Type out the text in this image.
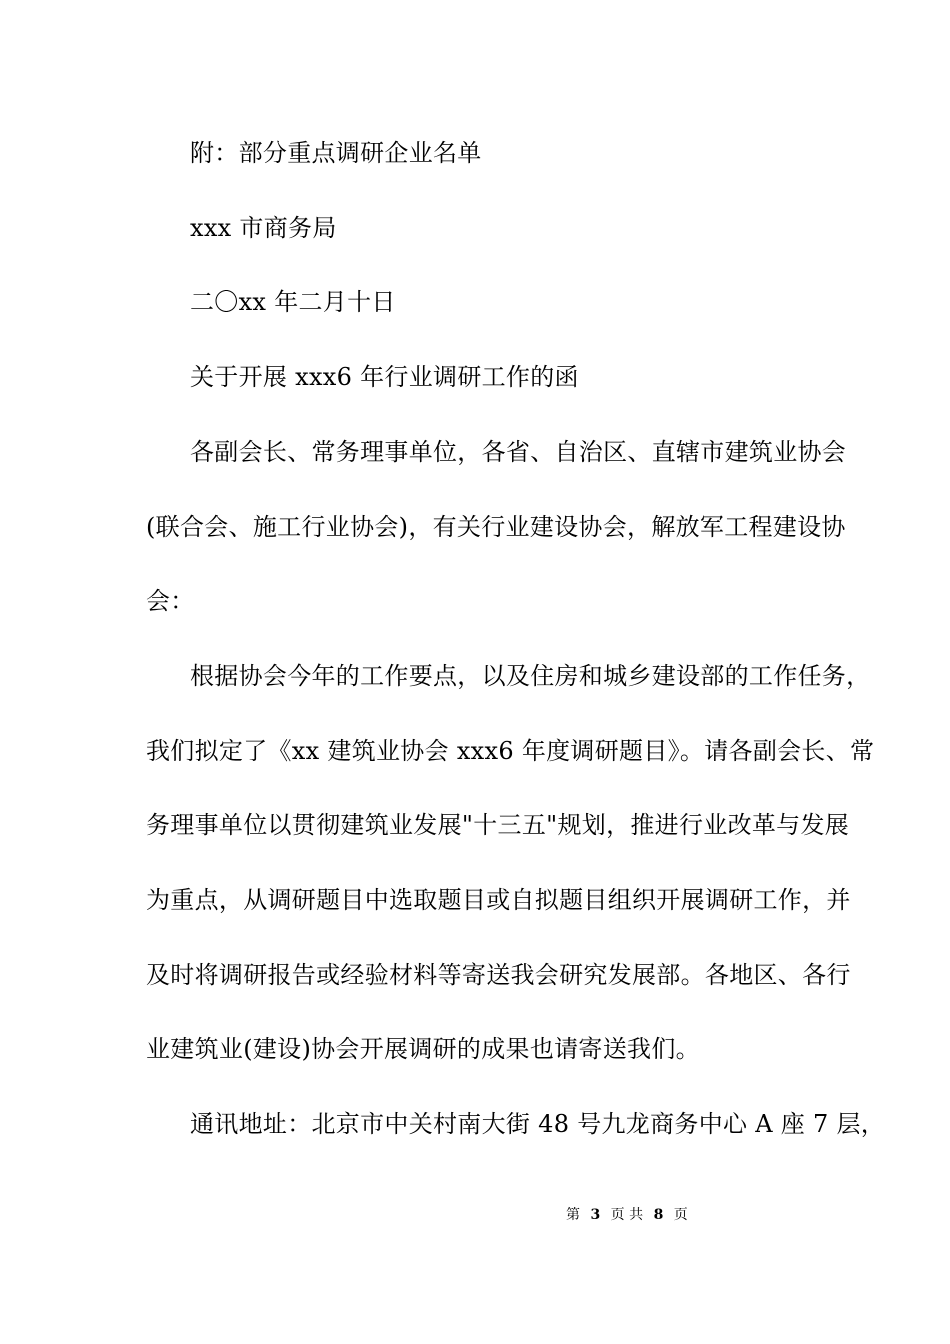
附：部分重点调研企业名单
xxx 市商务局
二〇xx 年二月十日
关于开展 xxx6 年行业调研工作的函
各副会长、常务理事单位，各省、自治区、直辖市建筑业协会
(联合会、施工行业协会)，有关行业建设协会，解放军工程建设协
会：
根据协会今年的工作要点，以及住房和城乡建设部的工作任务，
我们拟定了《xx 建筑业协会 xxx6 年度调研题目》。请各副会长、常
务理事单位以贯彻建筑业发展"十三五"规划，推进行业改革与发展
为重点，从调研题目中选取题目或自拟题目组织开展调研工作，并
及时将调研报告或经验材料等寄送我会研究发展部。各地区、各行
业建筑业(建设)协会开展调研的成果也请寄送我们。
通讯地址：北京市中关村南大街 48 号九龙商务中心 A 座 7 层，
第 3 页 共 8 页
